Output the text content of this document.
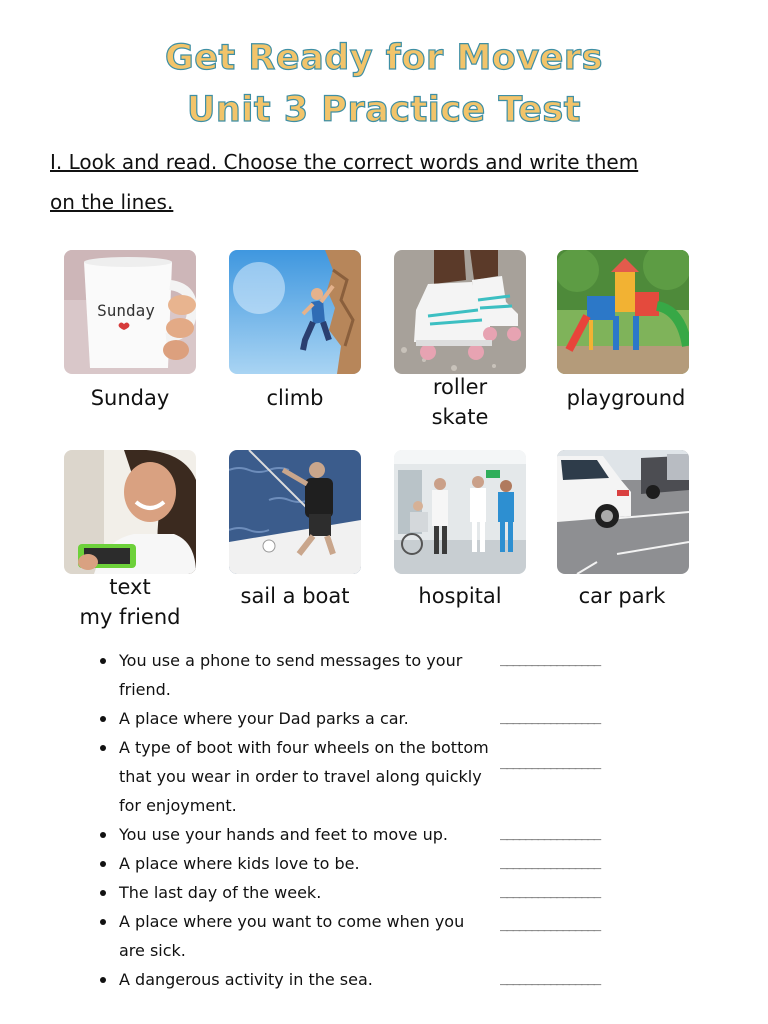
Get Ready for Movers
Unit 3 Practice Test
I. Look and read. Choose the correct words and write them
on the lines.
Sunday
Sunday	climb	roller
skate
playground
text
my friend
sail a boat	hospital	car park
You use a phone to send messages to your
friend.
________________
A place where your Dad parks a car.	________________
A type of boot with four wheels on the bottom
that you wear in order to travel along quickly
for enjoyment.
________________
You use your hands and feet to move up.	________________
A place where kids love to be.	________________
The last day of the week.	________________
A place where you want to come when you
are sick.
________________
A dangerous activity in the sea.	________________
